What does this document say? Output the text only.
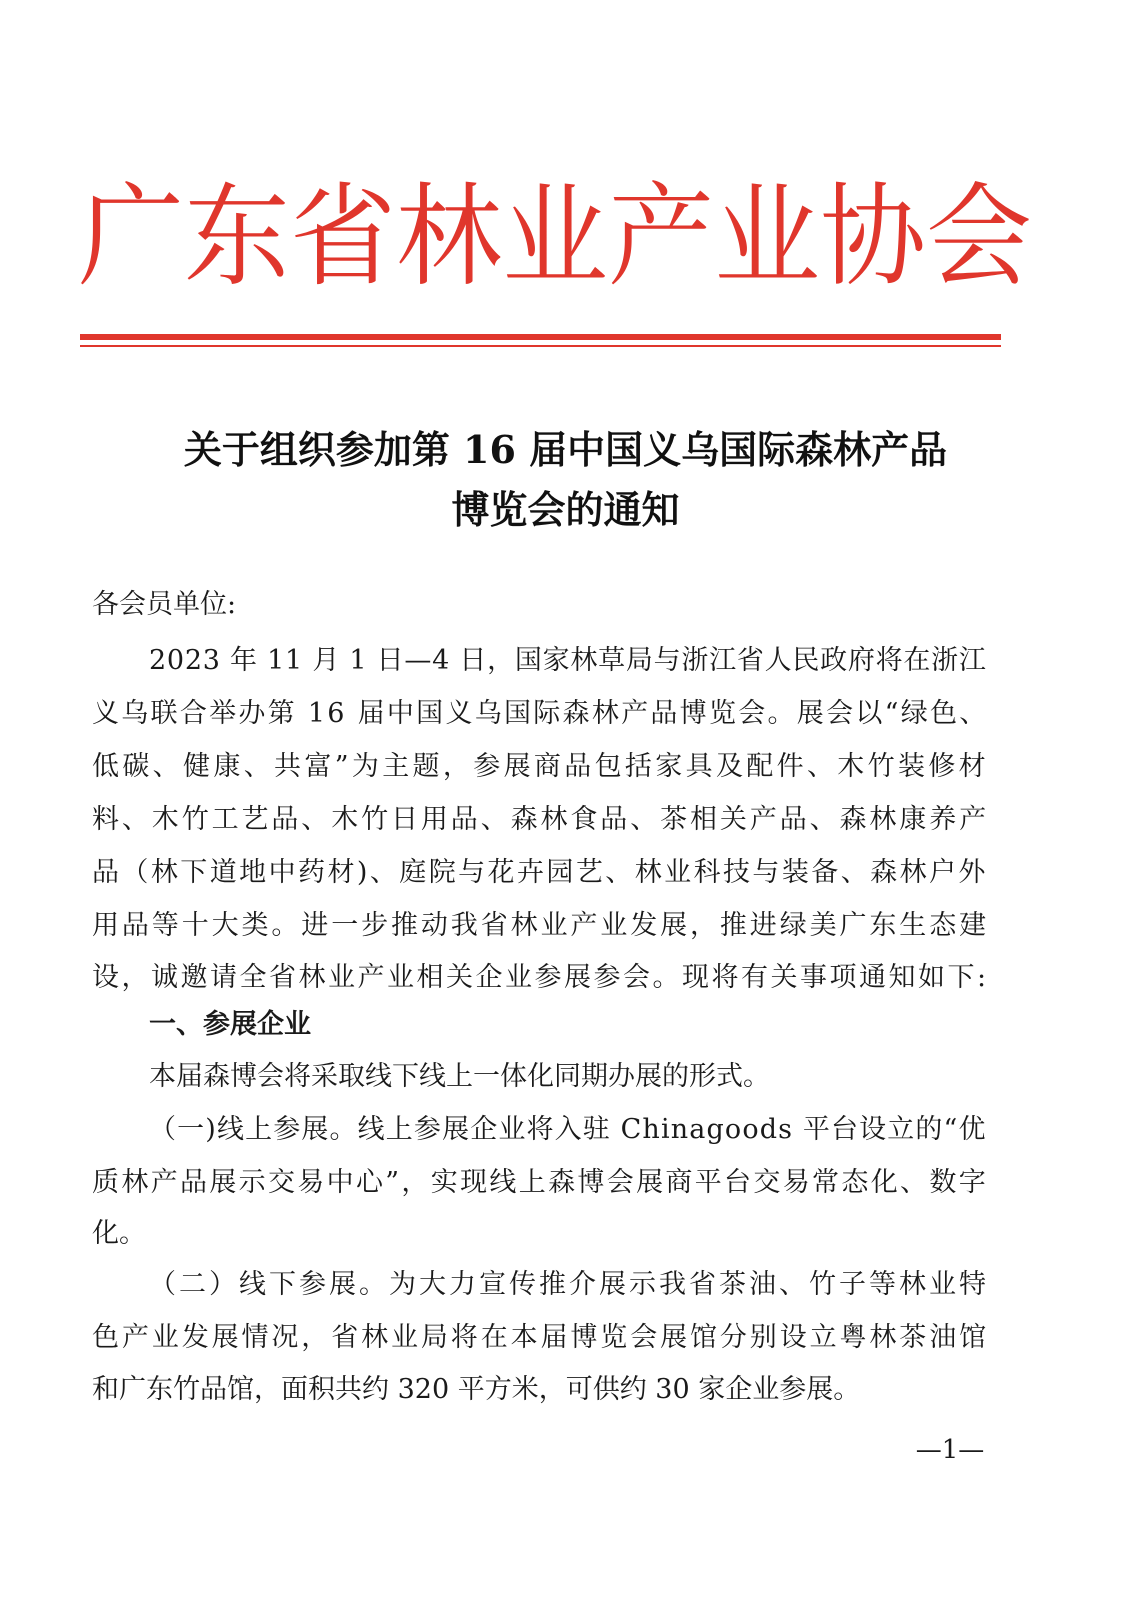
广 东 省 林 业 产 业 协 会
关于组织参加第 16 届中国义乌国际森林产品
博览会的通知
各会员单位:
2023 年 11 月 1 日—4 日，国家林草局与浙江省人民政府将在浙江
义乌联合举办第 16 届中国义乌国际森林产品博览会。展会以“绿色、
低碳、健康、共富”为主题，参展商品包括家具及配件、木竹装修材
料、木竹工艺品、木竹日用品、森林食品、茶相关产品、森林康养产
品（林下道地中药材)、庭院与花卉园艺、林业科技与装备、森林户外
用品等十大类。进一步推动我省林业产业发展，推进绿美广东生态建
设，诚邀请全省林业产业相关企业参展参会。现将有关事项通知如下:
一、参展企业
本届森博会将采取线下线上一体化同期办展的形式。
（一)线上参展。线上参展企业将入驻 Chinagoods 平台设立的“优
质林产品展示交易中心”，实现线上森博会展商平台交易常态化、数字
化。
（二）线下参展。为大力宣传推介展示我省茶油、竹子等林业特
色产业发展情况，省林业局将在本届博览会展馆分别设立粤林茶油馆
和广东竹品馆，面积共约 320 平方米，可供约 30 家企业参展。
—1—
